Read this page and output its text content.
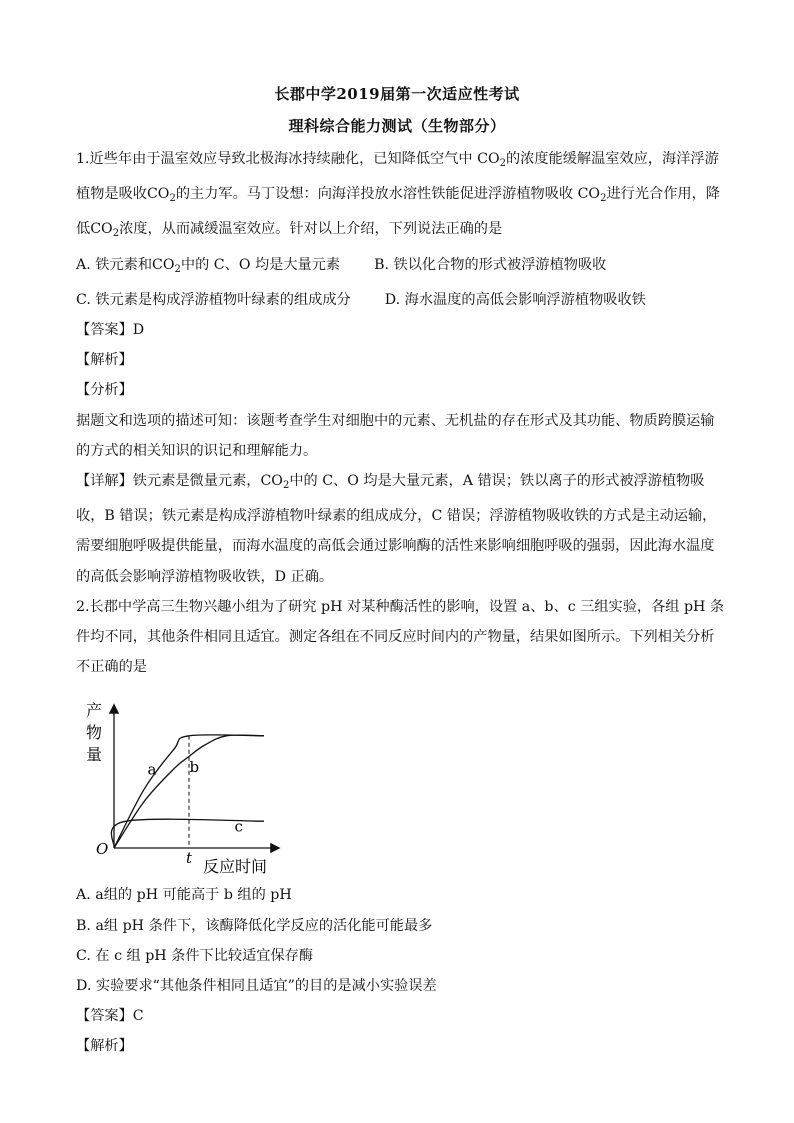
长郡中学2019届第一次适应性考试
理科综合能力测试（生物部分）

1.近些年由于温室效应导致北极海冰持续融化，已知降低空气中 $CO_2$的浓度能缓解温室效应，海洋浮游植物是吸收$CO_2$的主力军。马丁设想：向海洋投放水溶性铁能促进浮游植物吸收 $CO_2$进行光合作用，降低$CO_2$浓度，从而减缓温室效应。针对以上介绍，下列说法正确的是

A. 铁元素和$CO_2$中的 C、O 均是大量元素 B. 铁以化合物的形式被浮游植物吸收

C. 铁元素是构成浮游植物叶绿素的组成成分 D. 海水温度的高低会影响浮游植物吸收铁

【答案】D

【解析】

【分析】

据题文和选项的描述可知：该题考查学生对细胞中的元素、无机盐的存在形式及其功能、物质跨膜运输的方式的相关知识的识记和理解能力。

【详解】铁元素是微量元素，$CO_2$中的 C、O 均是大量元素，A 错误；铁以离子的形式被浮游植物吸收，B 错误；铁元素是构成浮游植物叶绿素的组成成分，C 错误；浮游植物吸收铁的方式是主动运输，需要细胞呼吸提供能量，而海水温度的高低会通过影响酶的活性来影响细胞呼吸的强弱，因此海水温度的高低会影响浮游植物吸收铁，D 正确。

2.长郡中学高三生物兴趣小组为了研究 pH 对某种酶活性的影响，设置 a、b、c 三组实验，各组 pH 条件均不同，其他条件相同且适宜。测定各组在不同反应时间内的产物量，结果如图所示。下列相关分析不正确的是

a b
c
t
O
产 物 量
反应时间

A. a组的 pH 可能高于 b 组的 pH

B. a组 pH 条件下，该酶降低化学反应的活化能可能最多

C. 在 c 组 pH 条件下比较适宜保存酶

D. 实验要求“其他条件相同且适宜”的目的是减小实验误差

【答案】C

【解析】
